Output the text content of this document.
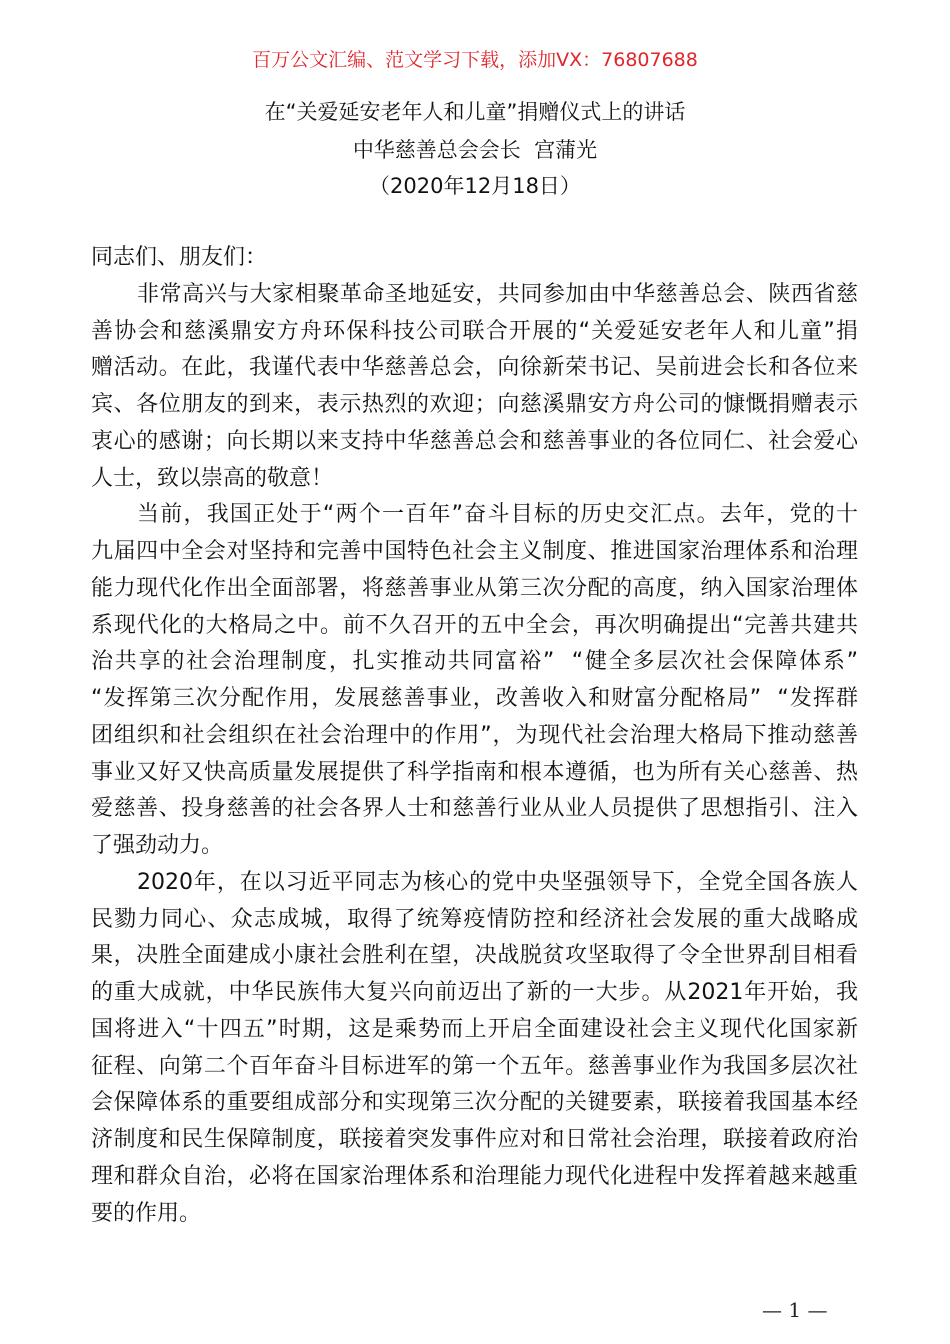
百万公文汇编、范文学习下载，添加VX：76807688
在“关爱延安老年人和儿童”捐赠仪式上的讲话
中华慈善总会会长  宫蒲光
（2020年12月18日）
同志们、朋友们：
非常高兴与大家相聚革命圣地延安，共同参加由中华慈善总会、陕西省慈
善协会和慈溪鼎安方舟环保科技公司联合开展的“关爱延安老年人和儿童”捐
赠活动。在此，我谨代表中华慈善总会，向徐新荣书记、吴前进会长和各位来
宾、各位朋友的到来，表示热烈的欢迎；向慈溪鼎安方舟公司的慷慨捐赠表示
衷心的感谢；向长期以来支持中华慈善总会和慈善事业的各位同仁、社会爱心
人士，致以崇高的敬意！
当前，我国正处于“两个一百年”奋斗目标的历史交汇点。去年，党的十
九届四中全会对坚持和完善中国特色社会主义制度、推进国家治理体系和治理
能力现代化作出全面部署，将慈善事业从第三次分配的高度，纳入国家治理体
系现代化的大格局之中。前不久召开的五中全会，再次明确提出“完善共建共
治共享的社会治理制度，扎实推动共同富裕”  “健全多层次社会保障体系”
“发挥第三次分配作用，发展慈善事业，改善收入和财富分配格局”  “发挥群
团组织和社会组织在社会治理中的作用”，为现代社会治理大格局下推动慈善
事业又好又快高质量发展提供了科学指南和根本遵循，也为所有关心慈善、热
爱慈善、投身慈善的社会各界人士和慈善行业从业人员提供了思想指引、注入
了强劲动力。
2020年，在以习近平同志为核心的党中央坚强领导下，全党全国各族人
民勠力同心、众志成城，取得了统筹疫情防控和经济社会发展的重大战略成
果，决胜全面建成小康社会胜利在望，决战脱贫攻坚取得了令全世界刮目相看
的重大成就，中华民族伟大复兴向前迈出了新的一大步。从2021年开始，我
国将进入“十四五”时期，这是乘势而上开启全面建设社会主义现代化国家新
征程、向第二个百年奋斗目标进军的第一个五年。慈善事业作为我国多层次社
会保障体系的重要组成部分和实现第三次分配的关键要素，联接着我国基本经
济制度和民生保障制度，联接着突发事件应对和日常社会治理，联接着政府治
理和群众自治，必将在国家治理体系和治理能力现代化进程中发挥着越来越重
要的作用。
— 1 —
